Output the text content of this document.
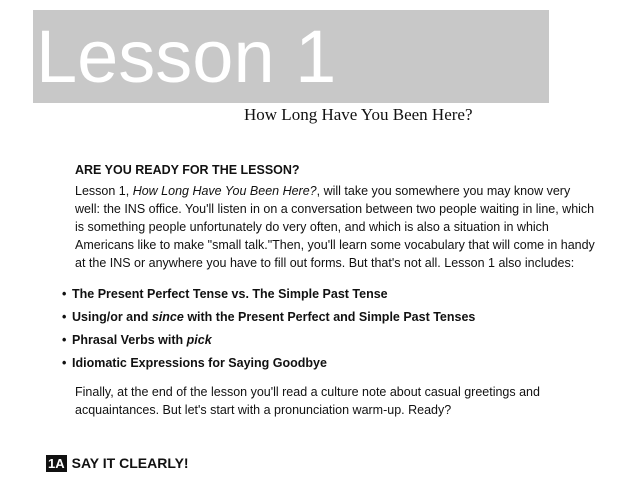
Lesson 1

How Long Have You Been Here?

ARE YOU READY FOR THE LESSON?

Lesson 1, How Long Have You Been Here?, will take you somewhere you may know very well: the INS office. You'll listen in on a conversation between two people waiting in line, which is something people unfortunately do very often, and which is also a situation in which Americans like to make "small talk."Then, you'll learn some vocabulary that will come in handy at the INS or anywhere you have to fill out forms. But that's not all. Lesson 1 also includes:

• The Present Perfect Tense vs. The Simple Past Tense
• Using/or and since with the Present Perfect and Simple Past Tenses
• Phrasal Verbs with pick
• Idiomatic Expressions for Saying Goodbye

Finally, at the end of the lesson you'll read a culture note about casual greetings and acquaintances. But let's start with a pronunciation warm-up. Ready?

1A SAY IT CLEARLY!
